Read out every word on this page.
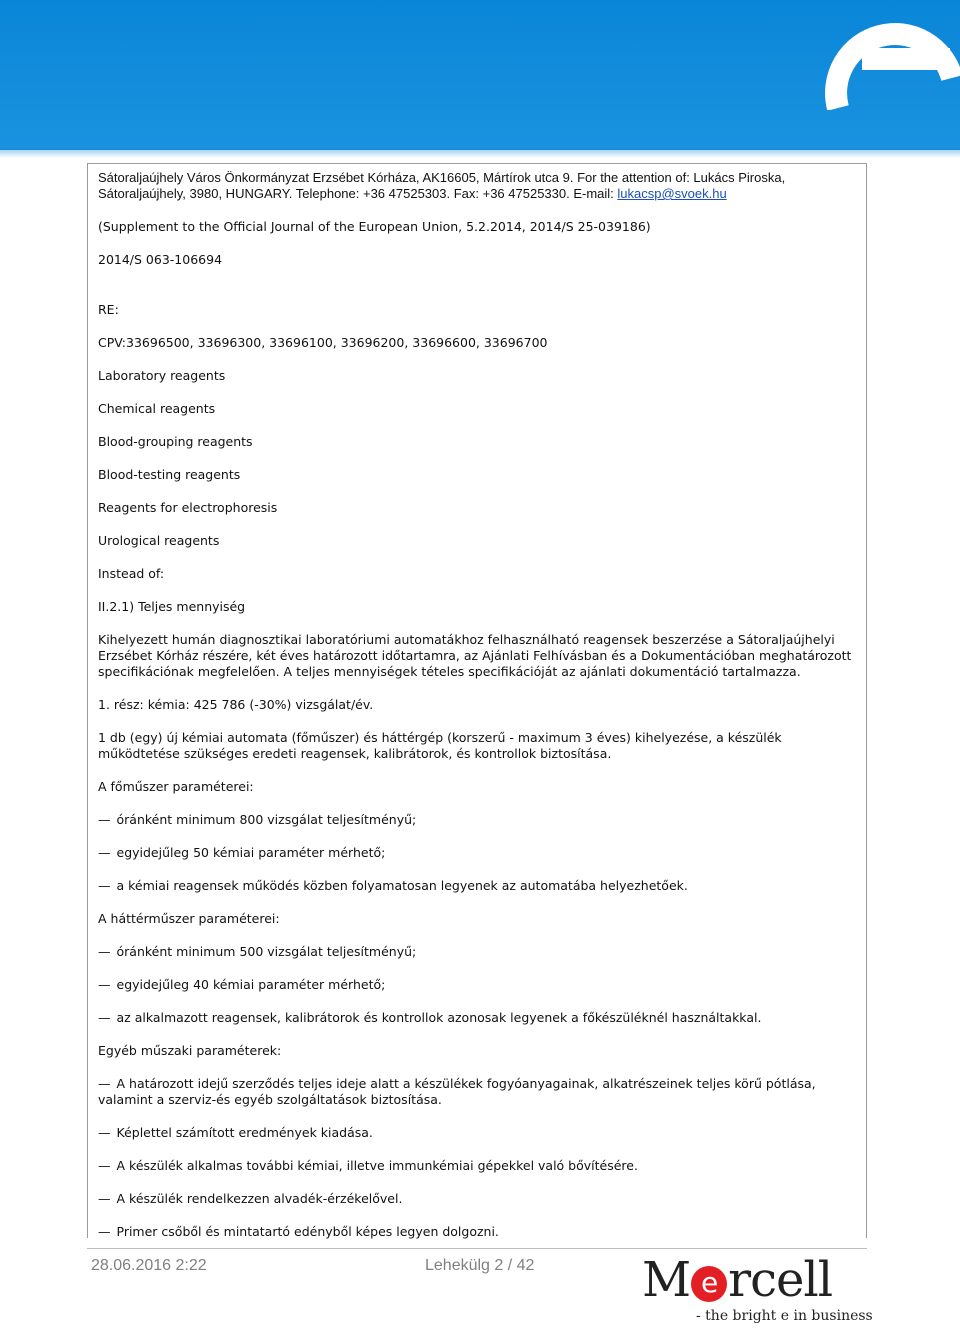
Sátoraljaújhely Város Önkormányzat Erzsébet Kórháza, AK16605, Mártírok utca 9. For the attention of: Lukács Piroska,

Sátoraljaújhely, 3980, HUNGARY. Telephone: +36 47525303. Fax: +36 47525330. E-mail: lukacsp@svoek.hu

(Supplement to the Official Journal of the European Union, 5.2.2014, 2014/S 25-039186)

2014/S 063-106694

RE:

CPV:33696500, 33696300, 33696100, 33696200, 33696600, 33696700

Laboratory reagents

Chemical reagents

Blood-grouping reagents

Blood-testing reagents

Reagents for electrophoresis

Urological reagents

Instead of:

II.2.1) Teljes mennyiség

Kihelyezett humán diagnosztikai laboratóriumi automatákhoz felhasználható reagensek beszerzése a Sátoraljaújhelyi Erzsébet Kórház részére, két éves határozott időtartamra, az Ajánlati Felhívásban és a Dokumentációban meghatározott specifikációnak megfelelően. A teljes mennyiségek tételes specifikációját az ajánlati dokumentáció tartalmazza.

1. rész: kémia: 425 786 (-30%) vizsgálat/év.

1 db (egy) új kémiai automata (főműszer) és háttérgép (korszerű - maximum 3 éves) kihelyezése, a készülék működtetése szükséges eredeti reagensek, kalibrátorok, és kontrollok biztosítása.

A főműszer paraméterei:

— óránként minimum 800 vizsgálat teljesítményű;

— egyidejűleg 50 kémiai paraméter mérhető;

— a kémiai reagensek működés közben folyamatosan legyenek az automatába helyezhetőek.

A háttérműszer paraméterei:

— óránként minimum 500 vizsgálat teljesítményű;

— egyidejűleg 40 kémiai paraméter mérhető;

— az alkalmazott reagensek, kalibrátorok és kontrollok azonosak legyenek a főkészüléknél használtakkal.

Egyéb műszaki paraméterek:

— A határozott idejű szerződés teljes ideje alatt a készülékek fogyóanyagainak, alkatrészeinek teljes körű pótlása, valamint a szerviz-és egyéb szolgáltatások biztosítása.

— Képlettel számított eredmények kiadása.

— A készülék alkalmas további kémiai, illetve immunkémiai gépekkel való bővítésére.

— A készülék rendelkezzen alvadék-érzékelővel.

— Primer csőből és mintatartó edényből képes legyen dolgozni.

28.06.2016 2:22	Lehekülg 2 / 42 M e rcell
- the bright e in business
